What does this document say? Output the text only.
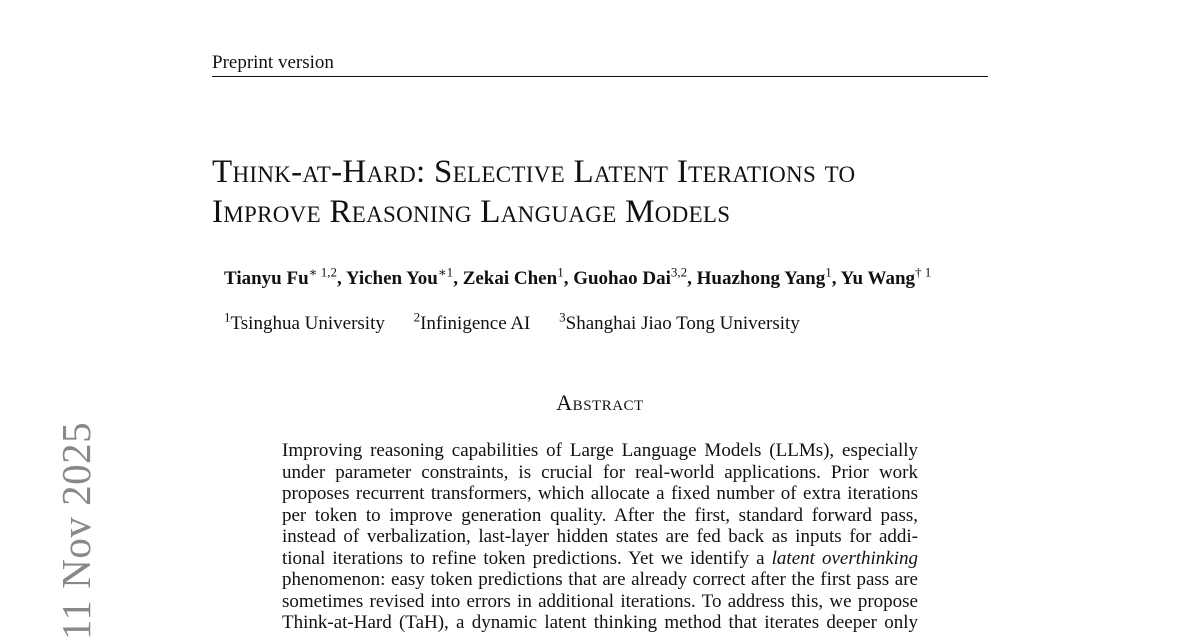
Preprint version
Think-at-Hard: Selective Latent Iterations to
Improve Reasoning Language Models
Tianyu $Fu^{∗ 1,2}$, Yichen You$^{∗1}$, Zekai Chen$^1$, Guohao Dai$^{3,2}$, Huazhong Yang$^1$, Yu Wang$^{\dagger 1}$
$^1$Tsinghua University $^2$Infinigence AI $^3$Shanghai Jiao Tong University
Abstract
Improving reasoning capabilities of Large Language Models (LLMs), especially
under parameter constraints, is crucial for real-world applications. Prior work
proposes recurrent transformers, which allocate a fixed number of extra iterations
per token to improve generation quality. After the first, standard forward pass,
instead of verbalization, last-layer hidden states are fed back as inputs for addi-
tional iterations to refine token predictions. Yet we identify a latent overthinking
phenomenon: easy token predictions that are already correct after the first pass are
sometimes revised into errors in additional iterations. To address this, we propose
Think-at-Hard (TaH), a dynamic latent thinking method that iterates deeper only
11 Nov 2025
